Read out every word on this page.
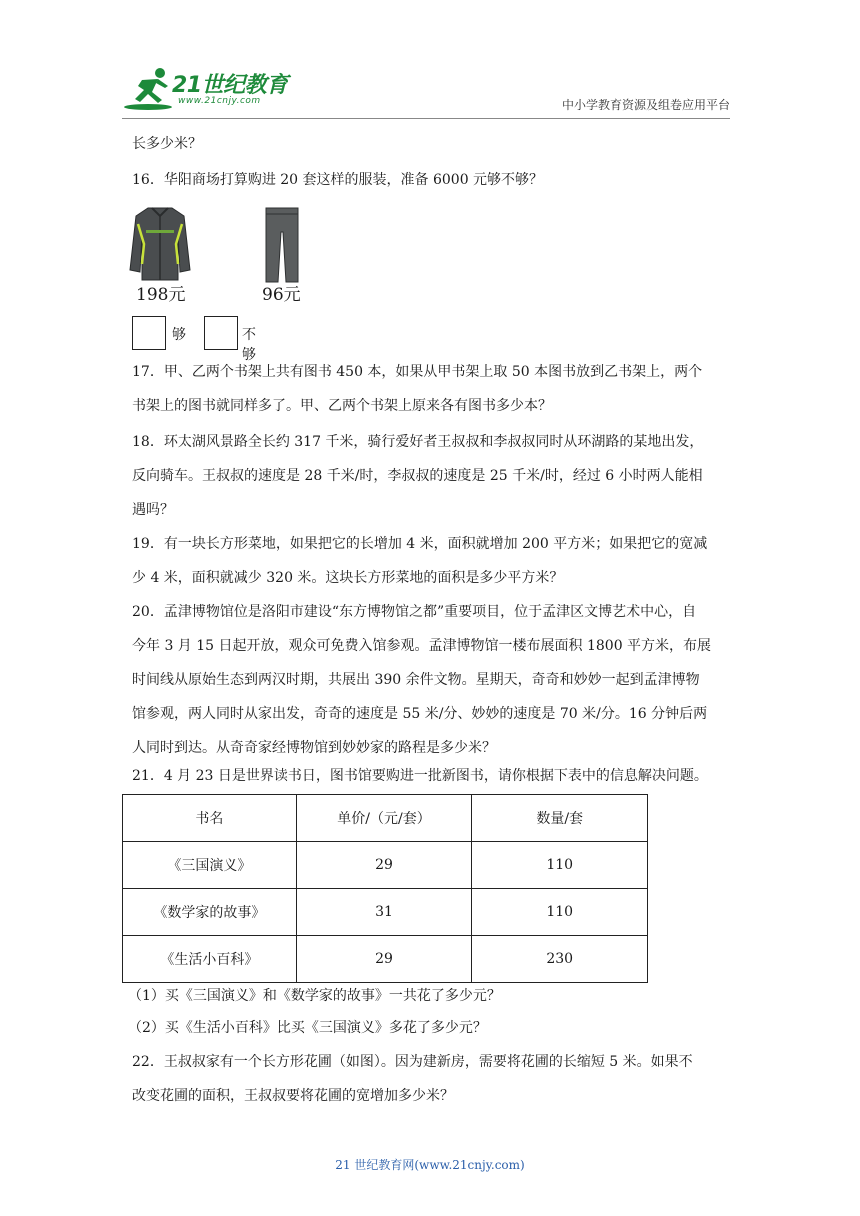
21世纪教育
www.21cnjy.com	中小学教育资源及组卷应用平台
长多少米？
16．华阳商场打算购进 20 套这样的服装，准备 6000 元够不够？
198元	96元
够	不够
17．甲、乙两个书架上共有图书 450 本，如果从甲书架上取 50 本图书放到乙书架上，两个
书架上的图书就同样多了。甲、乙两个书架上原来各有图书多少本？
18．环太湖风景路全长约 317 千米，骑行爱好者王叔叔和李叔叔同时从环湖路的某地出发，
反向骑车。王叔叔的速度是 28 千米/时，李叔叔的速度是 25 千米/时，经过 6 小时两人能相
遇吗？
19．有一块长方形菜地，如果把它的长增加 4 米，面积就增加 200 平方米；如果把它的宽减
少 4 米，面积就减少 320 米。这块长方形菜地的面积是多少平方米？
20．孟津博物馆位是洛阳市建设“东方博物馆之都”重要项目，位于孟津区文博艺术中心，自
今年 3 月 15 日起开放，观众可免费入馆参观。孟津博物馆一楼布展面积 1800 平方米，布展
时间线从原始生态到两汉时期，共展出 390 余件文物。星期天，奇奇和妙妙一起到孟津博物
馆参观，两人同时从家出发，奇奇的速度是 55 米/分、妙妙的速度是 70 米/分。16 分钟后两
人同时到达。从奇奇家经博物馆到妙妙家的路程是多少米？
21．4 月 23 日是世界读书日，图书馆要购进一批新图书，请你根据下表中的信息解决问题。
书名	单价/（元/套）	数量/套
《三国演义》	29	110
《数学家的故事》	31	110
《生活小百科》	29	230
（1）买《三国演义》和《数学家的故事》一共花了多少元？
（2）买《生活小百科》比买《三国演义》多花了多少元？
22．王叔叔家有一个长方形花圃（如图）。因为建新房，需要将花圃的长缩短 5 米。如果不
改变花圃的面积，王叔叔要将花圃的宽增加多少米？
21 世纪教育网(www.21cnjy.com)
